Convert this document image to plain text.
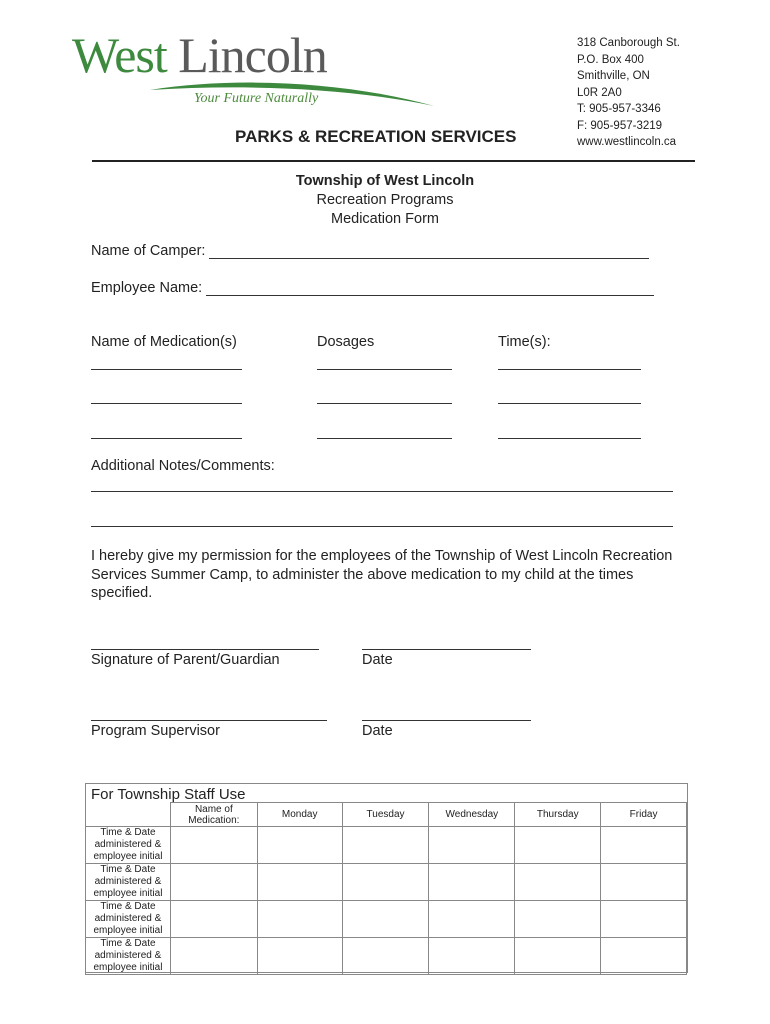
West Lincoln
Your Future Naturally
318 Canborough St.
P.O. Box 400
Smithville, ON
L0R 2A0
T: 905-957-3346
F: 905-957-3219
www.westlincoln.ca
PARKS & RECREATION SERVICES
Township of West Lincoln
Recreation Programs
Medication Form
Name of Camper:
Employee Name:
Name of Medication(s)	Dosages	Time(s):
Additional Notes/Comments:
I hereby give my permission for the employees of the Township of West Lincoln Recreation Services Summer Camp, to administer the above medication to my child at the times specified.
Signature of Parent/Guardian	Date
Program Supervisor	Date
For Township Staff Use
	Name of Medication:	Monday	Tuesday	Wednesday	Thursday	Friday
Time & Date administered & employee initial						
Time & Date administered & employee initial						
Time & Date administered & employee initial						
Time & Date administered & employee initial						
